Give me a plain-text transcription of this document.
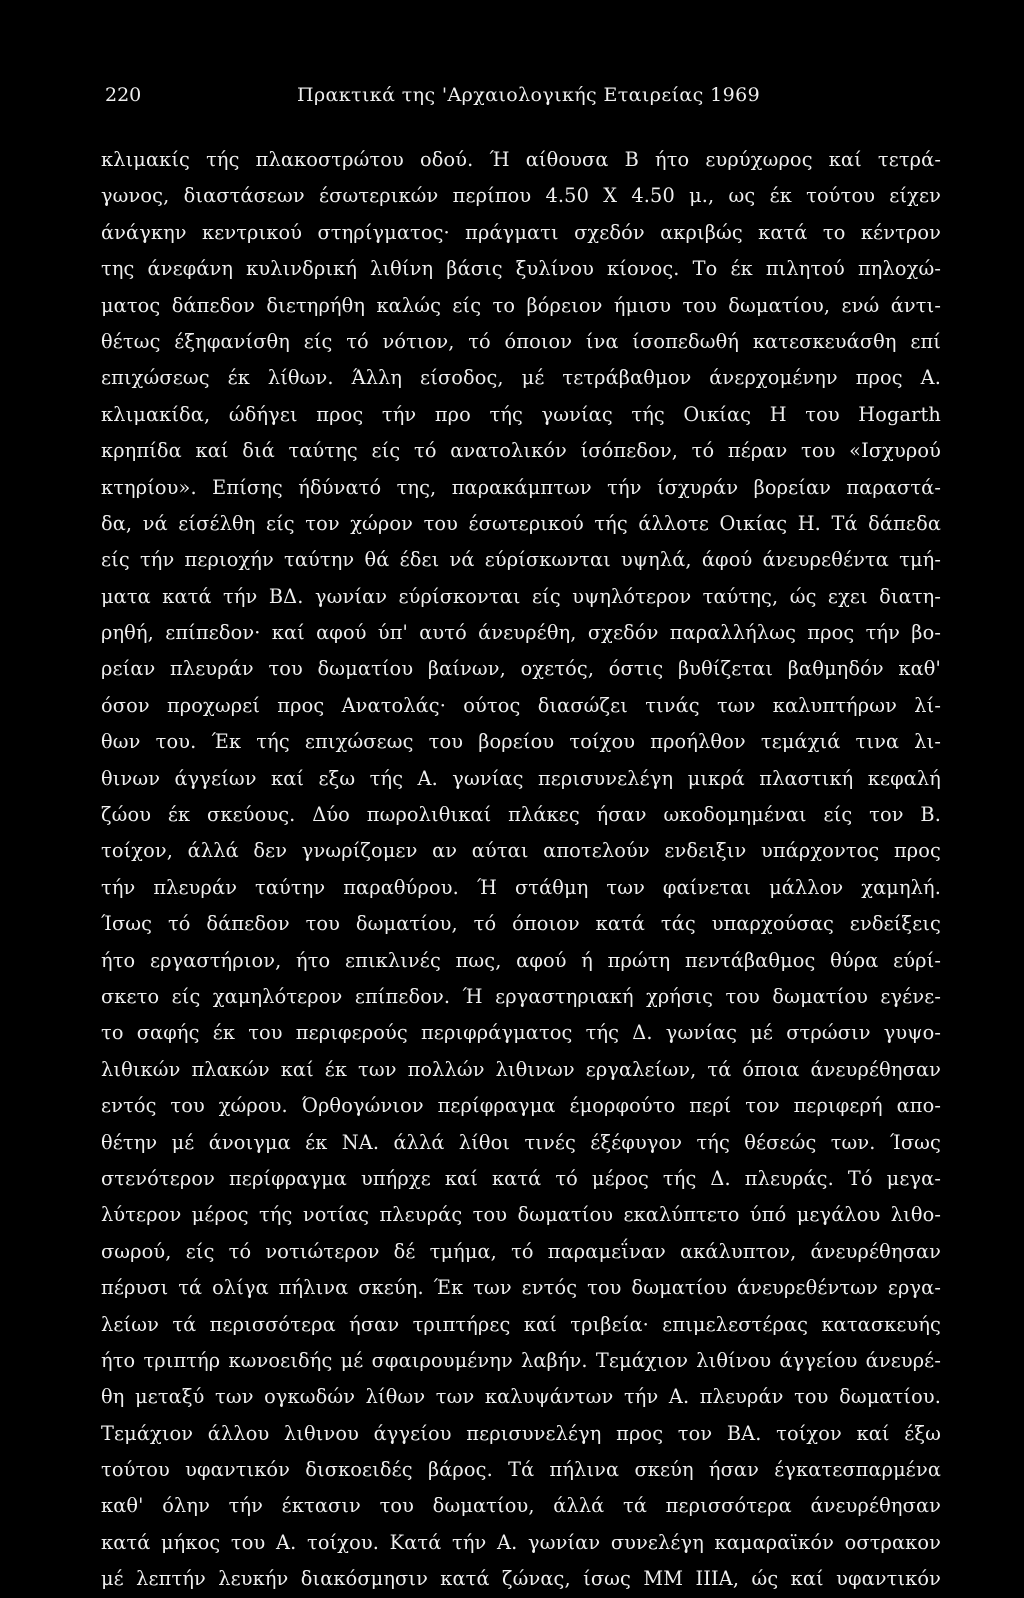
220	Πρακτικά της 'Αρχαιολογικής Εταιρείας 1969
κλιμακίς τής πλακοστρώτου οδού. Ή αίθουσα Β ήτο ευρύχωρος καί τετρά-
γωνος, διαστάσεων έσωτερικών περίπου 4.50 Χ 4.50 μ., ως έκ τούτου είχεν
άνάγκην κεντρικού στηρίγματος· πράγματι σχεδόν ακριβώς κατά το κέντρον
της άνεφάνη κυλινδρική λιθίνη βάσις ξυλίνου κίονος. Το έκ πιλητού πηλοχώ-
ματος δάπεδον διετηρήθη καλώς είς το βόρειον ήμισυ του δωματίου, ενώ άντι-
θέτως έξηφανίσθη είς τό νότιον, τό όποιον ίνα ίσοπεδωθή κατεσκευάσθη επί
επιχώσεως έκ λίθων. Άλλη είσοδος, μέ τετράβαθμον άνερχομένην προς Α.
κλιμακίδα, ώδήγει προς τήν προ τής γωνίας τής Οικίας Η του Hogarth
κρηπίδα καί διά ταύτης είς τό ανατολικόν ίσόπεδον, τό πέραν του «Ισχυρού
κτηρίου». Επίσης ήδύνατό της, παρακάμπτων τήν ίσχυράν βορείαν παραστά-
δα, νά είσέλθη είς τον χώρον του έσωτερικού τής άλλοτε Οικίας Η. Τά δάπεδα
είς τήν περιοχήν ταύτην θά έδει νά εύρίσκωνται υψηλά, άφού άνευρεθέντα τμή-
ματα κατά τήν ΒΔ. γωνίαν εύρίσκονται είς υψηλότερον ταύτης, ώς εχει διατη-
ρηθή, επίπεδον· καί αφού ύπ' αυτό άνευρέθη, σχεδόν παραλλήλως προς τήν βο-
ρείαν πλευράν του δωματίου βαίνων, οχετός, όστις βυθίζεται βαθμηδόν καθ'
όσον προχωρεί προς Ανατολάς· ούτος διασώζει τινάς των καλυπτήρων λί-
θων του. Έκ τής επιχώσεως του βορείου τοίχου προήλθον τεμάχιά τινα λι-
θινων άγγείων καί εξω τής Α. γωνίας περισυνελέγη μικρά πλαστική κεφαλή
ζώου έκ σκεύους. Δύο πωρολιθικαί πλάκες ήσαν ωκοδομημέναι είς τον Β.
τοίχον, άλλά δεν γνωρίζομεν αν αύται αποτελούν ενδειξιν υπάρχοντος προς
τήν πλευράν ταύτην παραθύρου. Ή στάθμη των φαίνεται μάλλον χαμηλή.
Ίσως τό δάπεδον του δωματίου, τό όποιον κατά τάς υπαρχούσας ενδείξεις
ήτο εργαστήριον, ήτο επικλινές πως, αφού ή πρώτη πεντάβαθμος θύρα εύρί-
σκετο είς χαμηλότερον επίπεδον. Ή εργαστηριακή χρήσις του δωματίου εγένε-
το σαφής έκ του περιφερούς περιφράγματος τής Δ. γωνίας μέ στρώσιν γυψο-
λιθικών πλακών καί έκ των πολλών λιθινων εργαλείων, τά όποια άνευρέθησαν
εντός του χώρου. Όρθογώνιον περίφραγμα έμορφούτο περί τον περιφερή απο-
θέτην μέ άνοιγμα έκ ΝΑ. άλλά λίθοι τινές έξέφυγον τής θέσεώς των. Ίσως
στενότερον περίφραγμα υπήρχε καί κατά τό μέρος τής Δ. πλευράς. Τό μεγα-
λύτερον μέρος τής νοτίας πλευράς του δωματίου εκαλύπτετο ύπό μεγάλου λιθο-
σωρού, είς τό νοτιώτερον δέ τμήμα, τό παραμεΐναν ακάλυπτον, άνευρέθησαν
πέρυσι τά ολίγα πήλινα σκεύη. Έκ των εντός του δωματίου άνευρεθέντων εργα-
λείων τά περισσότερα ήσαν τριπτήρες καί τριβεία· επιμελεστέρας κατασκευής
ήτο τριπτήρ κωνοειδής μέ σφαιρουμένην λαβήν. Τεμάχιον λιθίνου άγγείου άνευρέ-
θη μεταξύ των ογκωδών λίθων των καλυψάντων τήν Α. πλευράν του δωματίου.
Τεμάχιον άλλου λιθινου άγγείου περισυνελέγη προς τον ΒΑ. τοίχον καί έξω
τούτου υφαντικόν δισκοειδές βάρος. Τά πήλινα σκεύη ήσαν έγκατεσπαρμένα
καθ' όλην τήν έκτασιν του δωματίου, άλλά τά περισσότερα άνευρέθησαν
κατά μήκος του Α. τοίχου. Κατά τήν Α. γωνίαν συνελέγη καμαραϊκόν οστρακον
μέ λεπτήν λευκήν διακόσμησιν κατά ζώνας, ίσως ΜΜ ΙΙΙΑ, ώς καί υφαντικόν
